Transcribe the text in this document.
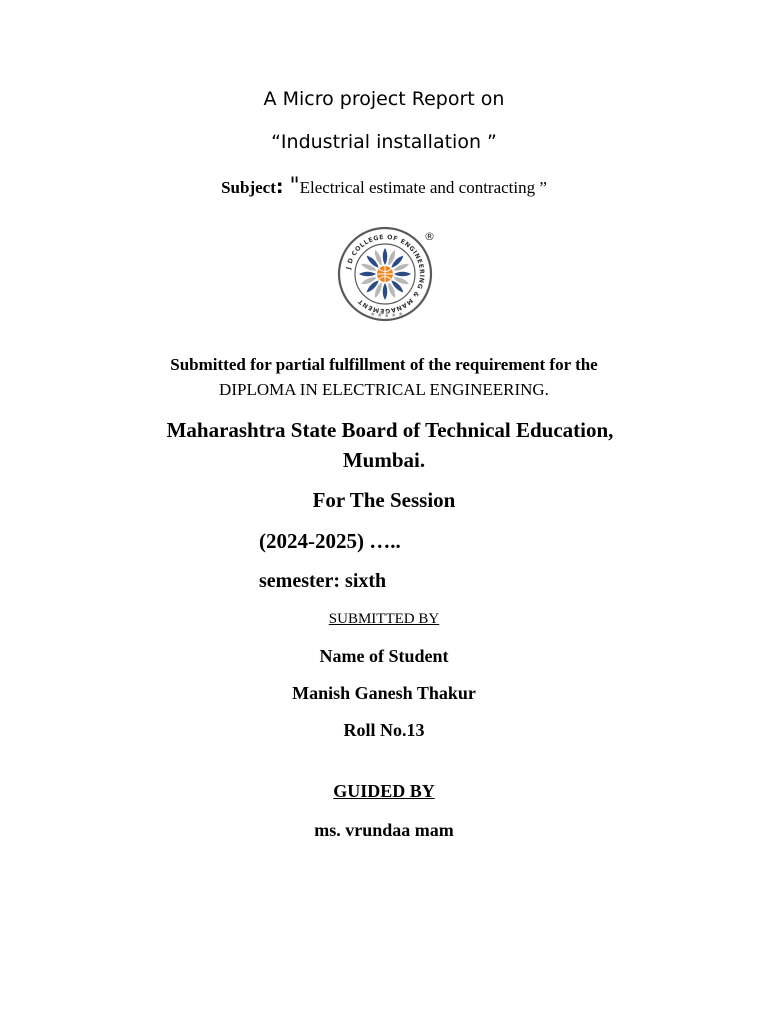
A Micro project Report on
“Industrial installation ”
Subject: "Electrical estimate and contracting ”
J D COLLEGE OF ENGINEERING & MANAGEMENT
★ ★ ★ ★ ★
®
Submitted for partial fulfillment of the requirement for the
DIPLOMA IN ELECTRICAL ENGINEERING.
Maharashtra State Board of Technical Education,
Mumbai.
For The Session
(2024-2025) …..
semester: sixth
SUBMITTED BY
Name of Student
Manish Ganesh Thakur
Roll No.13
GUIDED BY
ms. vrundaa mam
